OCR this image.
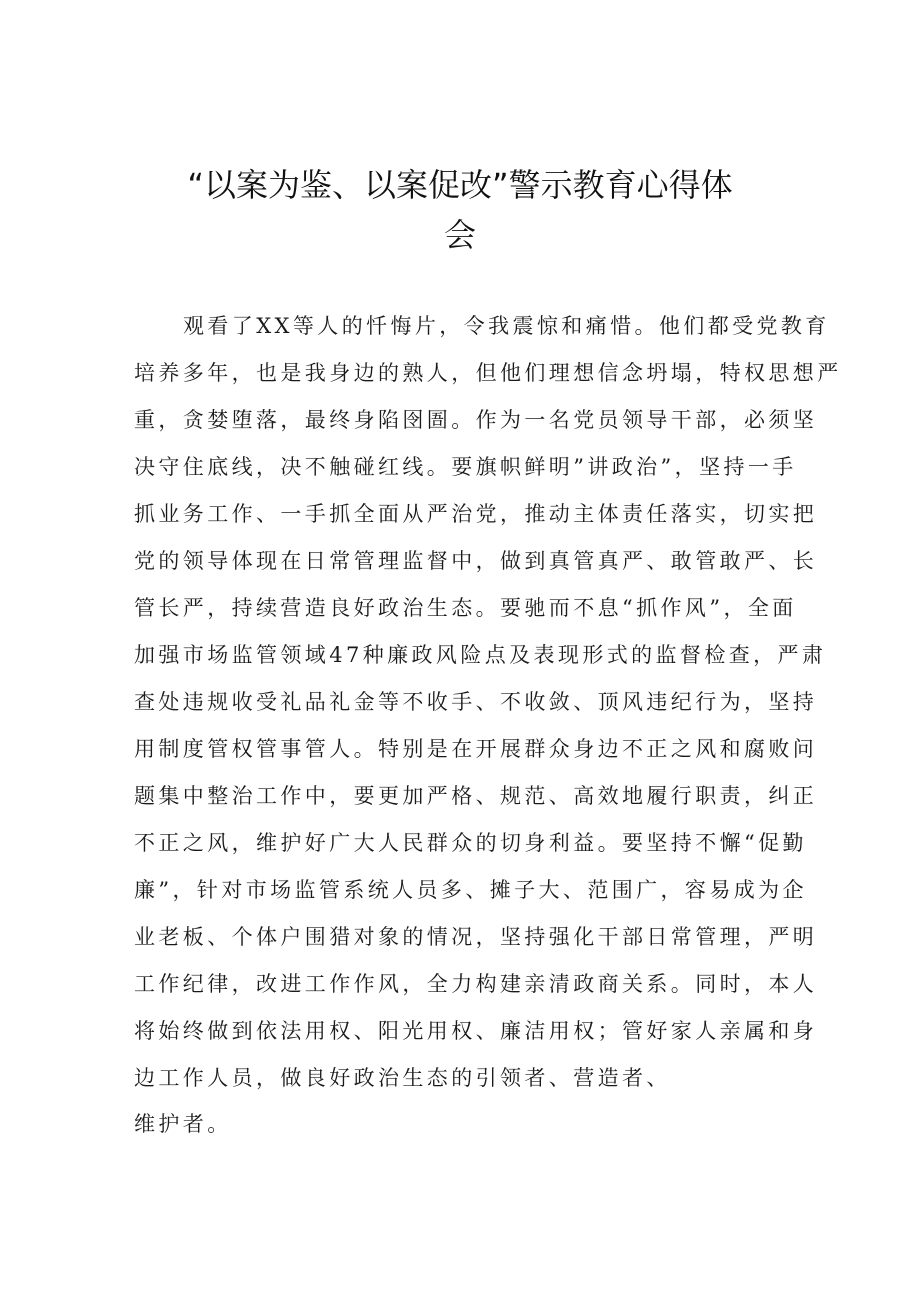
“以案为鉴、以案促改”警示教育心得体
会
观看了XX等人的忏悔片，令我震惊和痛惜。他们都受党教育
培养多年，也是我身边的熟人，但他们理想信念坍塌，特权思想严
重，贪婪堕落，最终身陷囹圄。作为一名党员领导干部，必须坚
决守住底线，决不触碰红线。要旗帜鲜明”讲政治”，坚持一手
抓业务工作、一手抓全面从严治党，推动主体责任落实，切实把
党的领导体现在日常管理监督中，做到真管真严、敢管敢严、长
管长严，持续营造良好政治生态。要驰而不息“抓作风”，全面
加强市场监管领域47种廉政风险点及表现形式的监督检查，严肃
查处违规收受礼品礼金等不收手、不收敛、顶风违纪行为，坚持
用制度管权管事管人。特别是在开展群众身边不正之风和腐败问
题集中整治工作中，要更加严格、规范、高效地履行职责，纠正
不正之风，维护好广大人民群众的切身利益。要坚持不懈“促勤
廉”，针对市场监管系统人员多、摊子大、范围广，容易成为企
业老板、个体户围猎对象的情况，坚持强化干部日常管理，严明
工作纪律，改进工作作风，全力构建亲清政商关系。同时，本人
将始终做到依法用权、阳光用权、廉洁用权；管好家人亲属和身
边工作人员，做良好政治生态的引领者、营造者、
维护者。
